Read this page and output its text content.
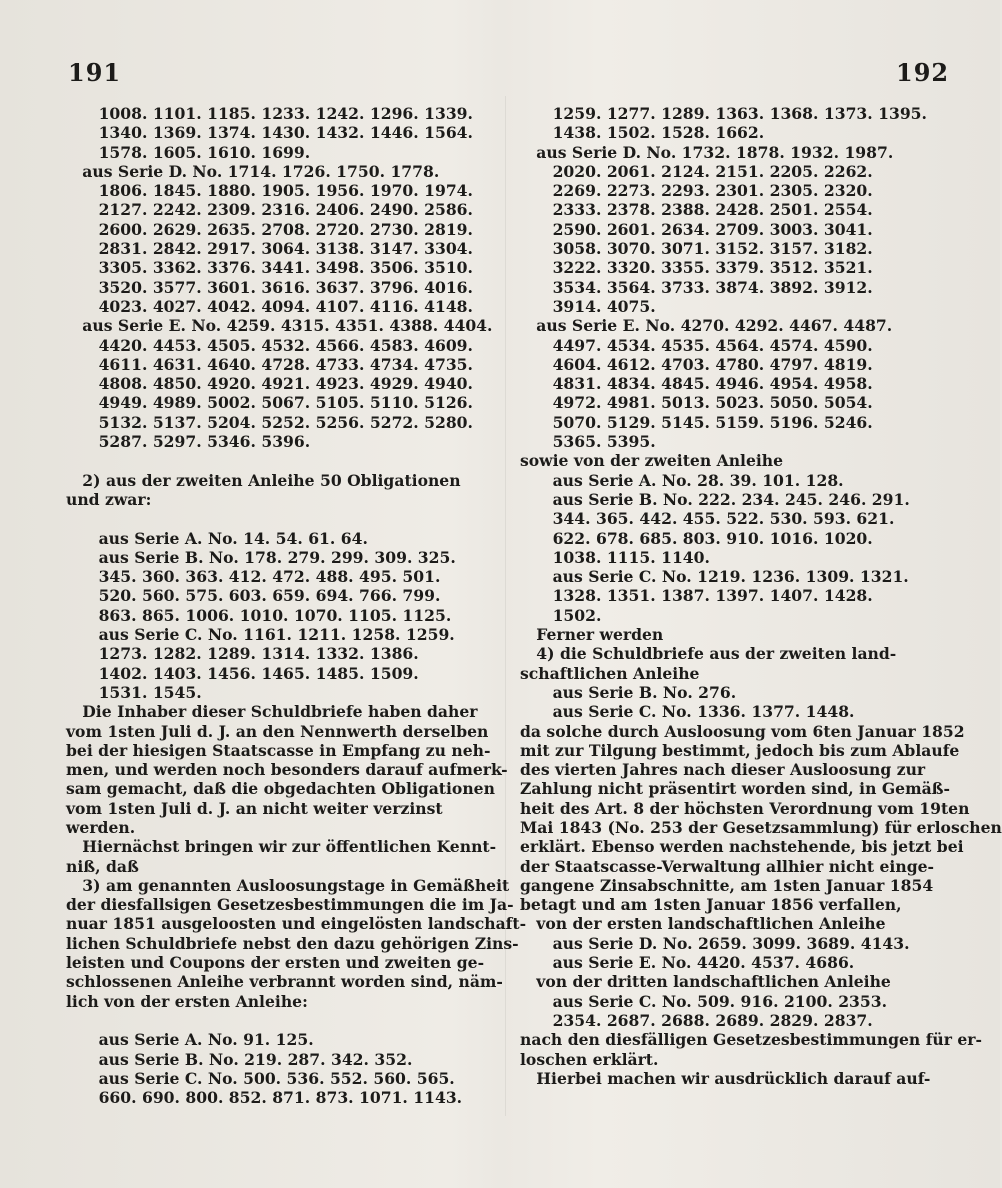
191	192
1008. 1101. 1185. 1233. 1242. 1296. 1339.
1340. 1369. 1374. 1430. 1432. 1446. 1564.
1578. 1605. 1610. 1699.
aus Serie D. No. 1714. 1726. 1750. 1778.
1806. 1845. 1880. 1905. 1956. 1970. 1974.
2127. 2242. 2309. 2316. 2406. 2490. 2586.
2600. 2629. 2635. 2708. 2720. 2730. 2819.
2831. 2842. 2917. 3064. 3138. 3147. 3304.
3305. 3362. 3376. 3441. 3498. 3506. 3510.
3520. 3577. 3601. 3616. 3637. 3796. 4016.
4023. 4027. 4042. 4094. 4107. 4116. 4148.
aus Serie E. No. 4259. 4315. 4351. 4388. 4404.
4420. 4453. 4505. 4532. 4566. 4583. 4609.
4611. 4631. 4640. 4728. 4733. 4734. 4735.
4808. 4850. 4920. 4921. 4923. 4929. 4940.
4949. 4989. 5002. 5067. 5105. 5110. 5126.
5132. 5137. 5204. 5252. 5256. 5272. 5280.
5287. 5297. 5346. 5396.
2) aus der zweiten Anleihe 50 Obligationen
und zwar:
aus Serie A. No. 14. 54. 61. 64.
aus Serie B. No. 178. 279. 299. 309. 325.
345. 360. 363. 412. 472. 488. 495. 501.
520. 560. 575. 603. 659. 694. 766. 799.
863. 865. 1006. 1010. 1070. 1105. 1125.
aus Serie C. No. 1161. 1211. 1258. 1259.
1273. 1282. 1289. 1314. 1332. 1386.
1402. 1403. 1456. 1465. 1485. 1509.
1531. 1545.
Die Inhaber dieser Schuldbriefe haben daher
vom 1sten Juli d. J. an den Nennwerth derselben
bei der hiesigen Staatscasse in Empfang zu neh-
men, und werden noch besonders darauf aufmerk-
sam gemacht, daß die obgedachten Obligationen
vom 1sten Juli d. J. an nicht weiter verzinst
werden.
Hiernächst bringen wir zur öffentlichen Kennt-
niß, daß
3) am genannten Ausloosungstage in Gemäßheit
der diesfallsigen Gesetzesbestimmungen die im Ja-
nuar 1851 ausgeloosten und eingelösten landschaft-
lichen Schuldbriefe nebst den dazu gehörigen Zins-
leisten und Coupons der ersten und zweiten ge-
schlossenen Anleihe verbrannt worden sind, näm-
lich von der ersten Anleihe:
aus Serie A. No. 91. 125.
aus Serie B. No. 219. 287. 342. 352.
aus Serie C. No. 500. 536. 552. 560. 565.
660. 690. 800. 852. 871. 873. 1071. 1143.
1259. 1277. 1289. 1363. 1368. 1373. 1395.
1438. 1502. 1528. 1662.
aus Serie D. No. 1732. 1878. 1932. 1987.
2020. 2061. 2124. 2151. 2205. 2262.
2269. 2273. 2293. 2301. 2305. 2320.
2333. 2378. 2388. 2428. 2501. 2554.
2590. 2601. 2634. 2709. 3003. 3041.
3058. 3070. 3071. 3152. 3157. 3182.
3222. 3320. 3355. 3379. 3512. 3521.
3534. 3564. 3733. 3874. 3892. 3912.
3914. 4075.
aus Serie E. No. 4270. 4292. 4467. 4487.
4497. 4534. 4535. 4564. 4574. 4590.
4604. 4612. 4703. 4780. 4797. 4819.
4831. 4834. 4845. 4946. 4954. 4958.
4972. 4981. 5013. 5023. 5050. 5054.
5070. 5129. 5145. 5159. 5196. 5246.
5365. 5395.
sowie von der zweiten Anleihe
aus Serie A. No. 28. 39. 101. 128.
aus Serie B. No. 222. 234. 245. 246. 291.
344. 365. 442. 455. 522. 530. 593. 621.
622. 678. 685. 803. 910. 1016. 1020.
1038. 1115. 1140.
aus Serie C. No. 1219. 1236. 1309. 1321.
1328. 1351. 1387. 1397. 1407. 1428.
1502.
Ferner werden
4) die Schuldbriefe aus der zweiten land-
schaftlichen Anleihe
aus Serie B. No. 276.
aus Serie C. No. 1336. 1377. 1448.
da solche durch Ausloosung vom 6ten Januar 1852
mit zur Tilgung bestimmt, jedoch bis zum Ablaufe
des vierten Jahres nach dieser Ausloosung zur
Zahlung nicht präsentirt worden sind, in Gemäß-
heit des Art. 8 der höchsten Verordnung vom 19ten
Mai 1843 (No. 253 der Gesetzsammlung) für erloschen
erklärt. Ebenso werden nachstehende, bis jetzt bei
der Staatscasse-Verwaltung allhier nicht einge-
gangene Zinsabschnitte, am 1sten Januar 1854
betagt und am 1sten Januar 1856 verfallen,
von der ersten landschaftlichen Anleihe
aus Serie D. No. 2659. 3099. 3689. 4143.
aus Serie E. No. 4420. 4537. 4686.
von der dritten landschaftlichen Anleihe
aus Serie C. No. 509. 916. 2100. 2353.
2354. 2687. 2688. 2689. 2829. 2837.
nach den diesfälligen Gesetzesbestimmungen für er-
loschen erklärt.
Hierbei machen wir ausdrücklich darauf auf-
